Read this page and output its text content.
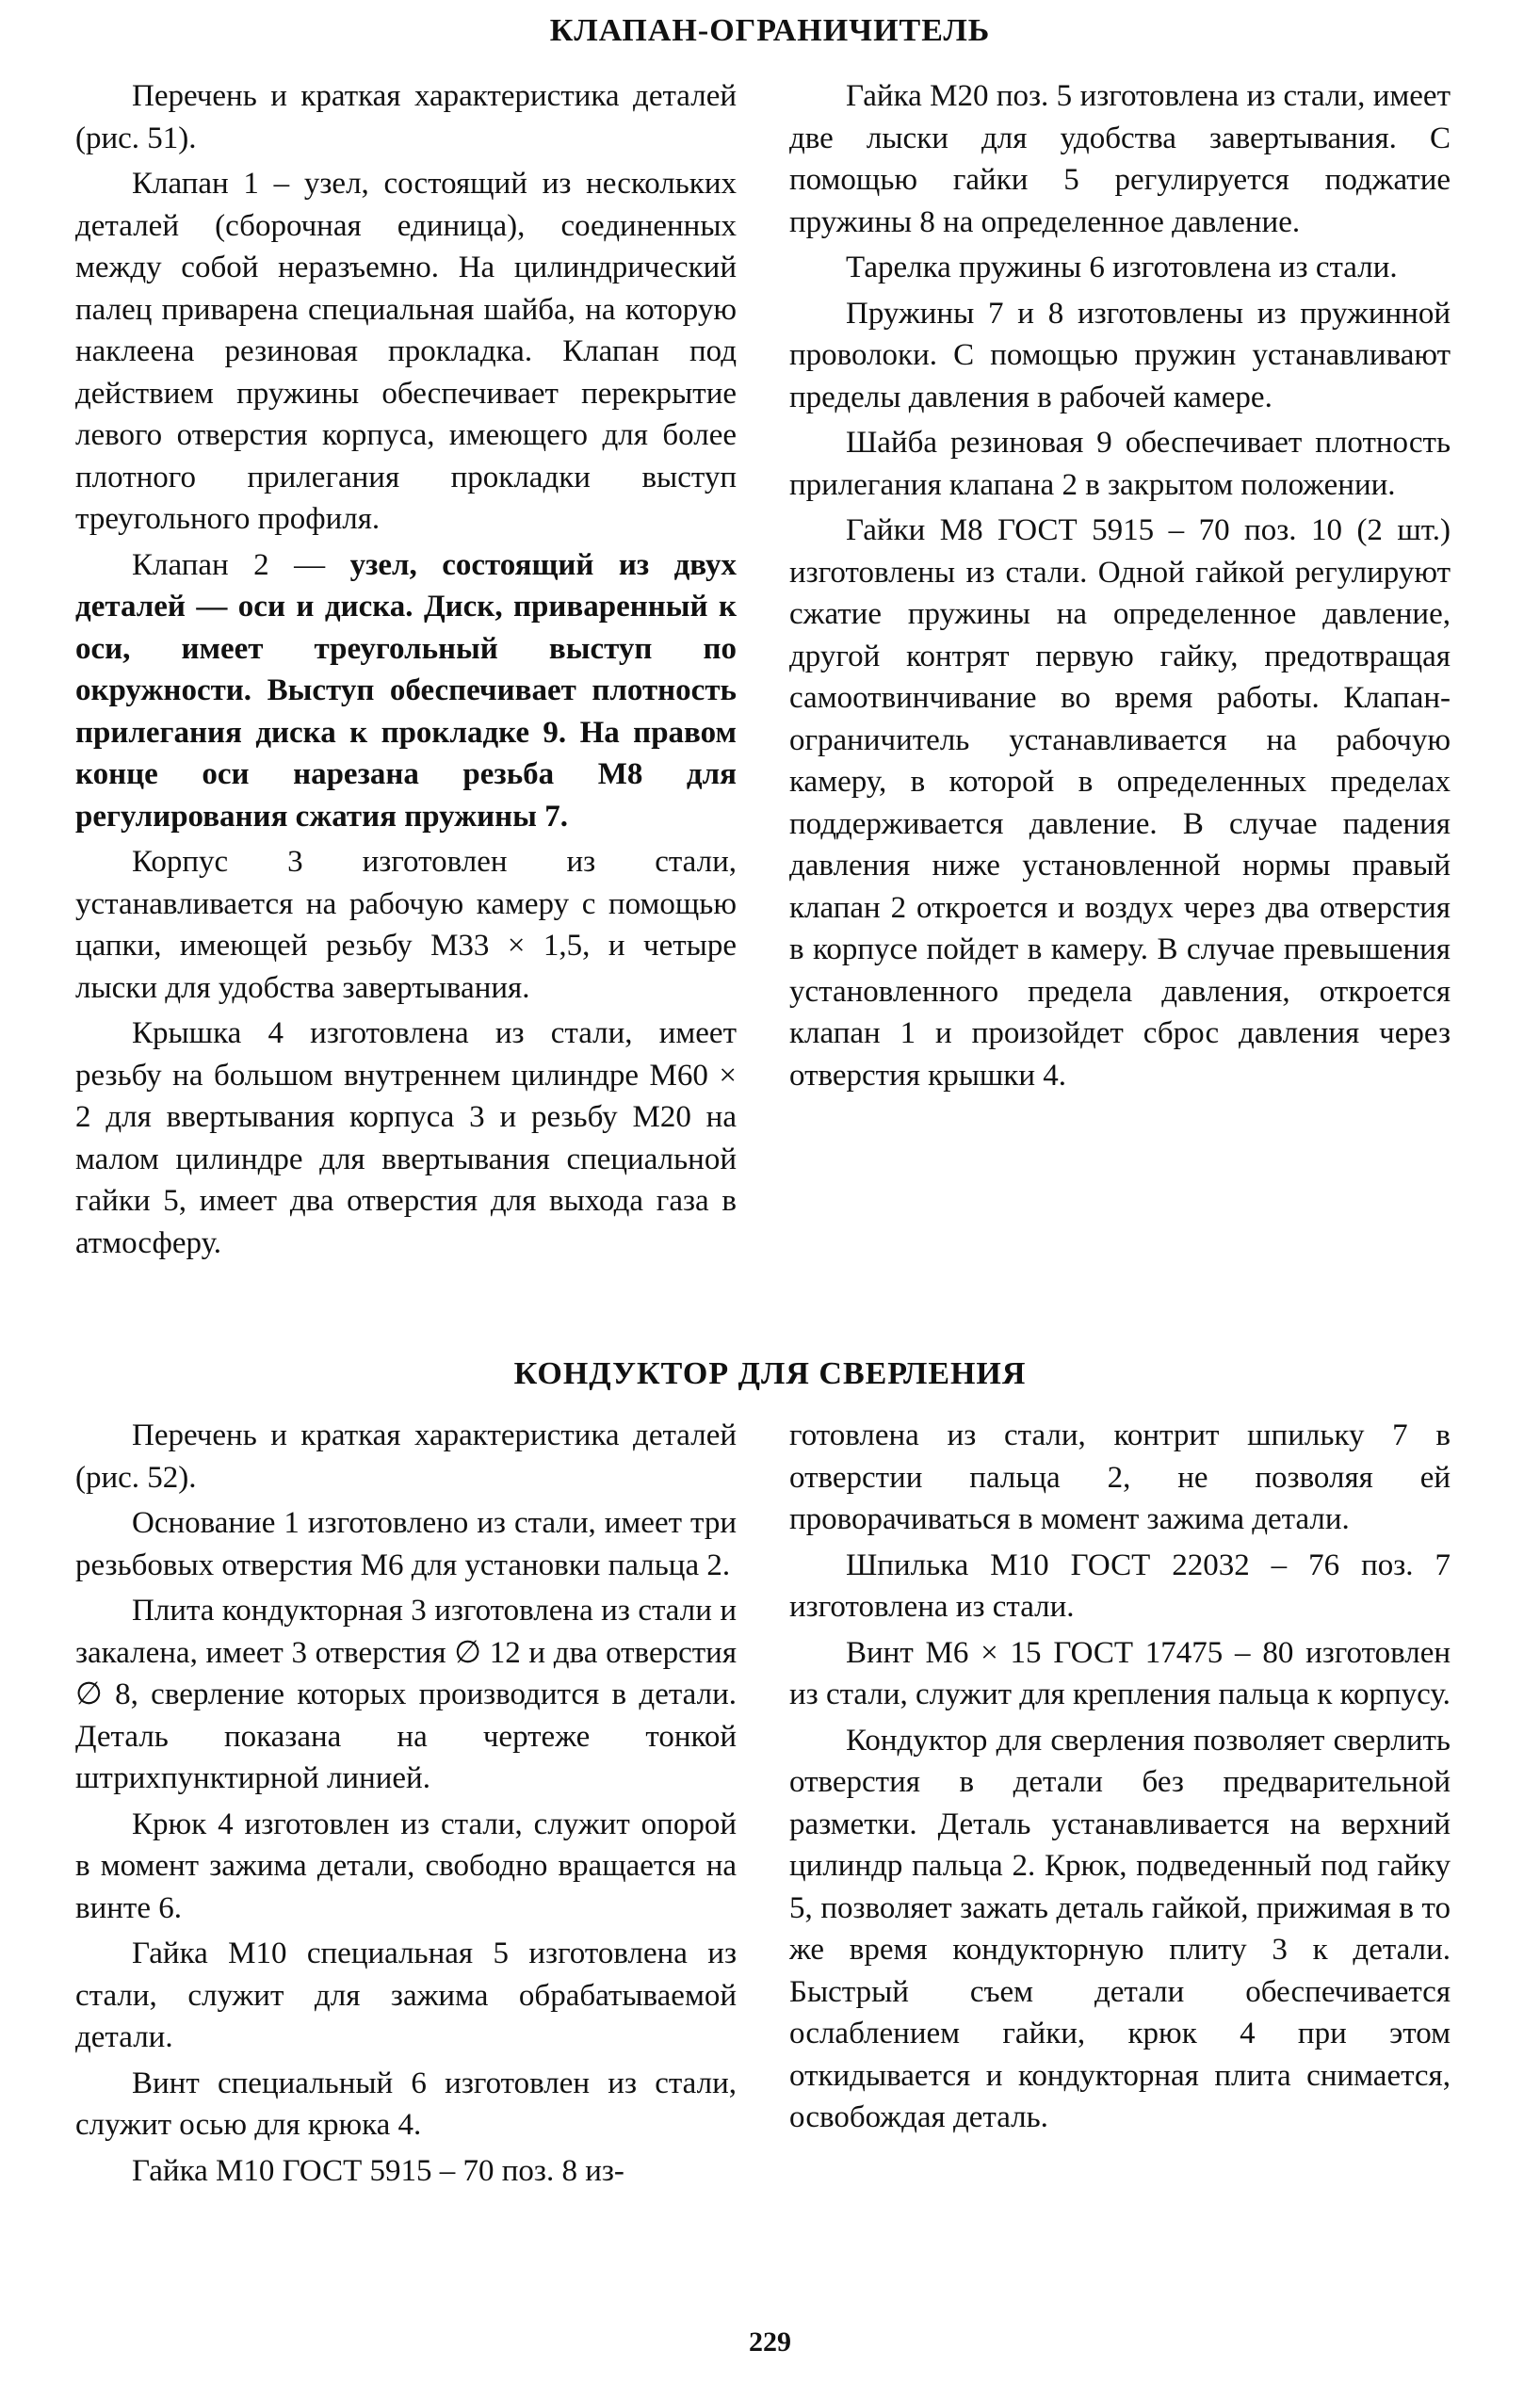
КЛАПАН-ОГРАНИЧИТЕЛЬ

Перечень и краткая характеристика деталей (рис. 51).

Клапан 1 – узел, состоящий из нескольких деталей (сборочная единица), соединенных между собой неразъемно. На цилиндрический палец приварена специальная шайба, на которую наклеена резиновая прокладка. Клапан под действием пружины обеспечивает перекрытие левого отверстия корпуса, имеющего для более плотного прилегания прокладки выступ треугольного профиля.

Клапан 2 — узел, состоящий из двух деталей — оси и диска. Диск, приваренный к оси, имеет треугольный выступ по окружности. Выступ обеспечивает плотность прилегания диска к прокладке 9. На правом конце оси нарезана резьба М8 для регулирования сжатия пружины 7.

Корпус 3 изготовлен из стали, устанавливается на рабочую камеру с помощью цапки, имеющей резьбу М33 × 1,5, и четыре лыски для удобства завертывания.

Крышка 4 изготовлена из стали, имеет резьбу на большом внутреннем цилиндре М60 × 2 для ввертывания корпуса 3 и резьбу М20 на малом цилиндре для ввертывания специальной гайки 5, имеет два отверстия для выхода газа в атмосферу.

Гайка М20 поз. 5 изготовлена из стали, имеет две лыски для удобства завертывания. С помощью гайки 5 регулируется поджатие пружины 8 на определенное давление.

Тарелка пружины 6 изготовлена из стали.

Пружины 7 и 8 изготовлены из пружинной проволоки. С помощью пружин устанавливают пределы давления в рабочей камере.

Шайба резиновая 9 обеспечивает плотность прилегания клапана 2 в закрытом положении.

Гайки М8 ГОСТ 5915 – 70 поз. 10 (2 шт.) изготовлены из стали. Одной гайкой регулируют сжатие пружины на определенное давление, другой контрят первую гайку, предотвращая самоотвинчивание во время работы. Клапан-ограничитель устанавливается на рабочую камеру, в которой в определенных пределах поддерживается давление. В случае падения давления ниже установленной нормы правый клапан 2 откроется и воздух через два отверстия в корпусе пойдет в камеру. В случае превышения установленного предела давления, откроется клапан 1 и произойдет сброс давления через отверстия крышки 4.

КОНДУКТОР ДЛЯ СВЕРЛЕНИЯ

Перечень и краткая характеристика деталей (рис. 52).

Основание 1 изготовлено из стали, имеет три резьбовых отверстия М6 для установки пальца 2.

Плита кондукторная 3 изготовлена из стали и закалена, имеет 3 отверстия ∅ 12 и два отверстия ∅ 8, сверление которых производится в детали. Деталь показана на чертеже тонкой штрихпунктирной линией.

Крюк 4 изготовлен из стали, служит опорой в момент зажима детали, свободно вращается на винте 6.

Гайка М10 специальная 5 изготовлена из стали, служит для зажима обрабатываемой детали.

Винт специальный 6 изготовлен из стали, служит осью для крюка 4.

Гайка М10 ГОСТ 5915 – 70 поз. 8 из-

готовлена из стали, контрит шпильку 7 в отверстии пальца 2, не позволяя ей проворачиваться в момент зажима детали.

Шпилька М10 ГОСТ 22032 – 76 поз. 7 изготовлена из стали.

Винт М6 × 15 ГОСТ 17475 – 80 изготовлен из стали, служит для крепления пальца к корпусу.

Кондуктор для сверления позволяет сверлить отверстия в детали без предварительной разметки. Деталь устанавливается на верхний цилиндр пальца 2. Крюк, подведенный под гайку 5, позволяет зажать деталь гайкой, прижимая в то же время кондукторную плиту 3 к детали. Быстрый съем детали обеспечивается ослаблением гайки, крюк 4 при этом откидывается и кондукторная плита снимается, освобождая деталь.

229
